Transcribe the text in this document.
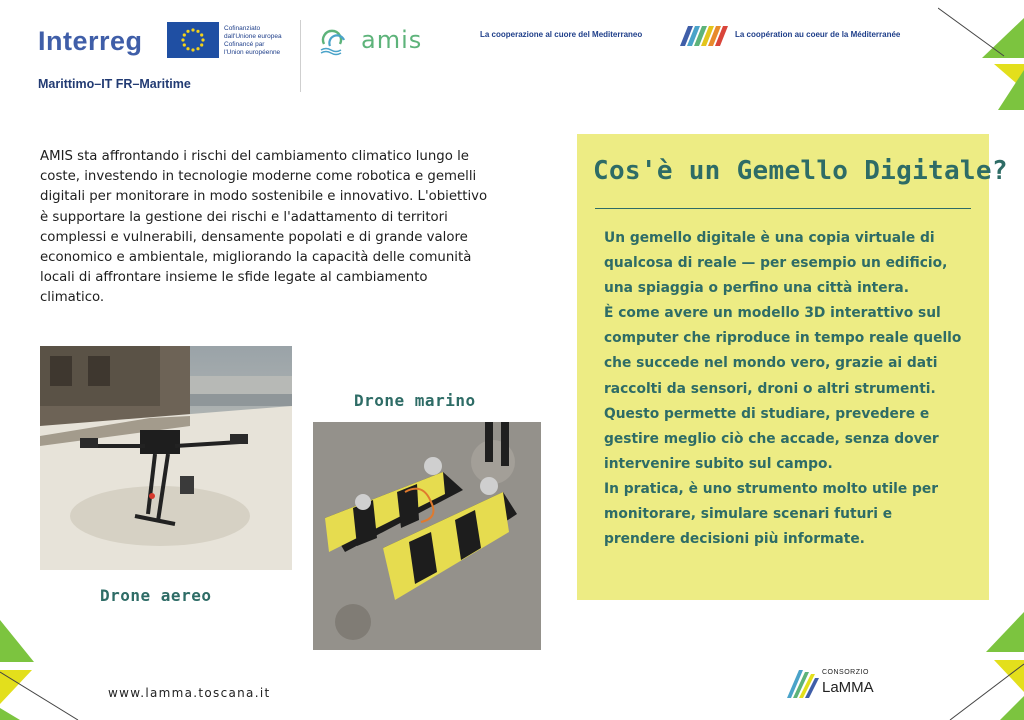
Interreg	Cofinanziato
dall'Unione europea
Cofinancé par
l'Union européenne
Marittimo–IT FR–Maritime
amis	La cooperazione al cuore del Mediterraneo	La coopération au coeur de la Méditerranée
AMIS sta affrontando i rischi del cambiamento climatico lungo le coste, investendo in tecnologie moderne come robotica e gemelli digitali per monitorare in modo sostenibile e innovativo. L'obiettivo è supportare la gestione dei rischi e l'adattamento di territori complessi e vulnerabili, densamente popolati e di grande valore economico e ambientale, migliorando la capacità delle comunità locali di affrontare insieme le sfide legate al cambiamento climatico.
Drone marino
Drone aereo
Cos'è un Gemello Digitale?

Un gemello digitale è una copia virtuale di qualcosa di reale — per esempio un edificio, una spiaggia o perfino una città intera.

È come avere un modello 3D interattivo sul computer che riproduce in tempo reale quello che succede nel mondo vero, grazie ai dati raccolti da sensori, droni o altri strumenti. Questo permette di studiare, prevedere e gestire meglio ciò che accade, senza dover intervenire subito sul campo.

In pratica, è uno strumento molto utile per monitorare, simulare scenari futuri e prendere decisioni più informate.

www.lamma.toscana.it
CONSORZIO
LaMMA
